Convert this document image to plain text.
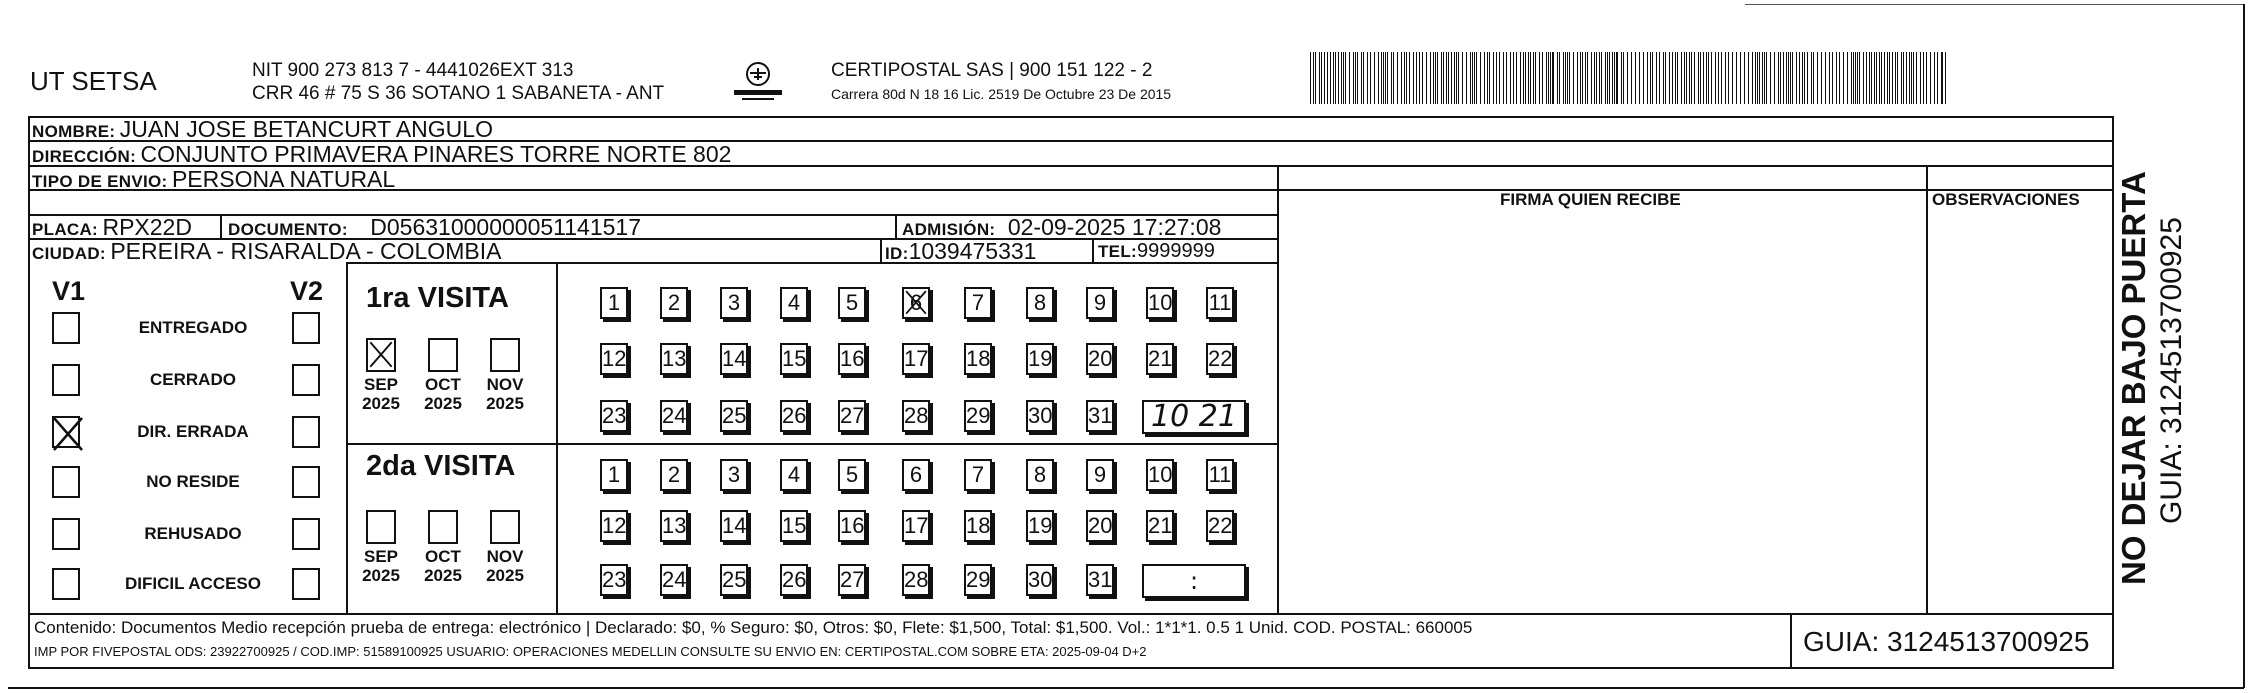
UT SETSA	NIT 900 273 813 7 - 4441026EXT 313
CRR 46 # 75 S 36 SOTANO 1 SABANETA - ANT
CERTIPOSTAL SAS | 900 151 122 - 2
Carrera 80d N 18 16 Lic. 2519 De Octubre 23 De 2015
NOMBRE: JUAN JOSE BETANCURT ANGULO
DIRECCIÓN: CONJUNTO PRIMAVERA PINARES TORRE NORTE 802
TIPO DE ENVIO: PERSONA NATURAL
FIRMA QUIEN RECIBE	OBSERVACIONES
PLACA: RPX22D DOCUMENTO: D05631000000051141517	ADMISIÓN: 02-09-2025 17:27:08
CIUDAD: PEREIRA - RISARALDA - COLOMBIA	ID:1039475331	TEL:9999999
V1	V2
ENTREGADO
CERRADO
DIR. ERRADA
NO RESIDE
REHUSADO
DIFICIL ACCESO
1ra VISITA
2da VISITA
SEP
2025
OCT
2025
NOV
2025
1	2	3	4	5	6	7	8	9	10 11
12 13 14 15 16 17 18 19 20 21 22
23 24 25 26 27 28 29 30 31	10 21
SEP
2025
OCT
2025
NOV
2025
1	2	3	4	5	6	7	8	9	10 11
12 13 14 15 16 17 18 19 20 21 22
23 24 25 26 27 28 29 30 31	:
Contenido: Documentos Medio recepción prueba de entrega: electrónico | Declarado: $0, % Seguro: $0, Otros: $0, Flete: $1,500, Total: $1,500. Vol.: 1*1*1. 0.5 1 Unid. COD. POSTAL: 660005
IMP POR FIVEPOSTAL ODS: 23922700925 / COD.IMP: 51589100925 USUARIO: OPERACIONES MEDELLIN CONSULTE SU ENVIO EN: CERTIPOSTAL.COM SOBRE ETA: 2025-09-04 D+2	GUIA: 3124513700925
NO DEJAR BAJO PUERTA GUIA: 3124513700925
